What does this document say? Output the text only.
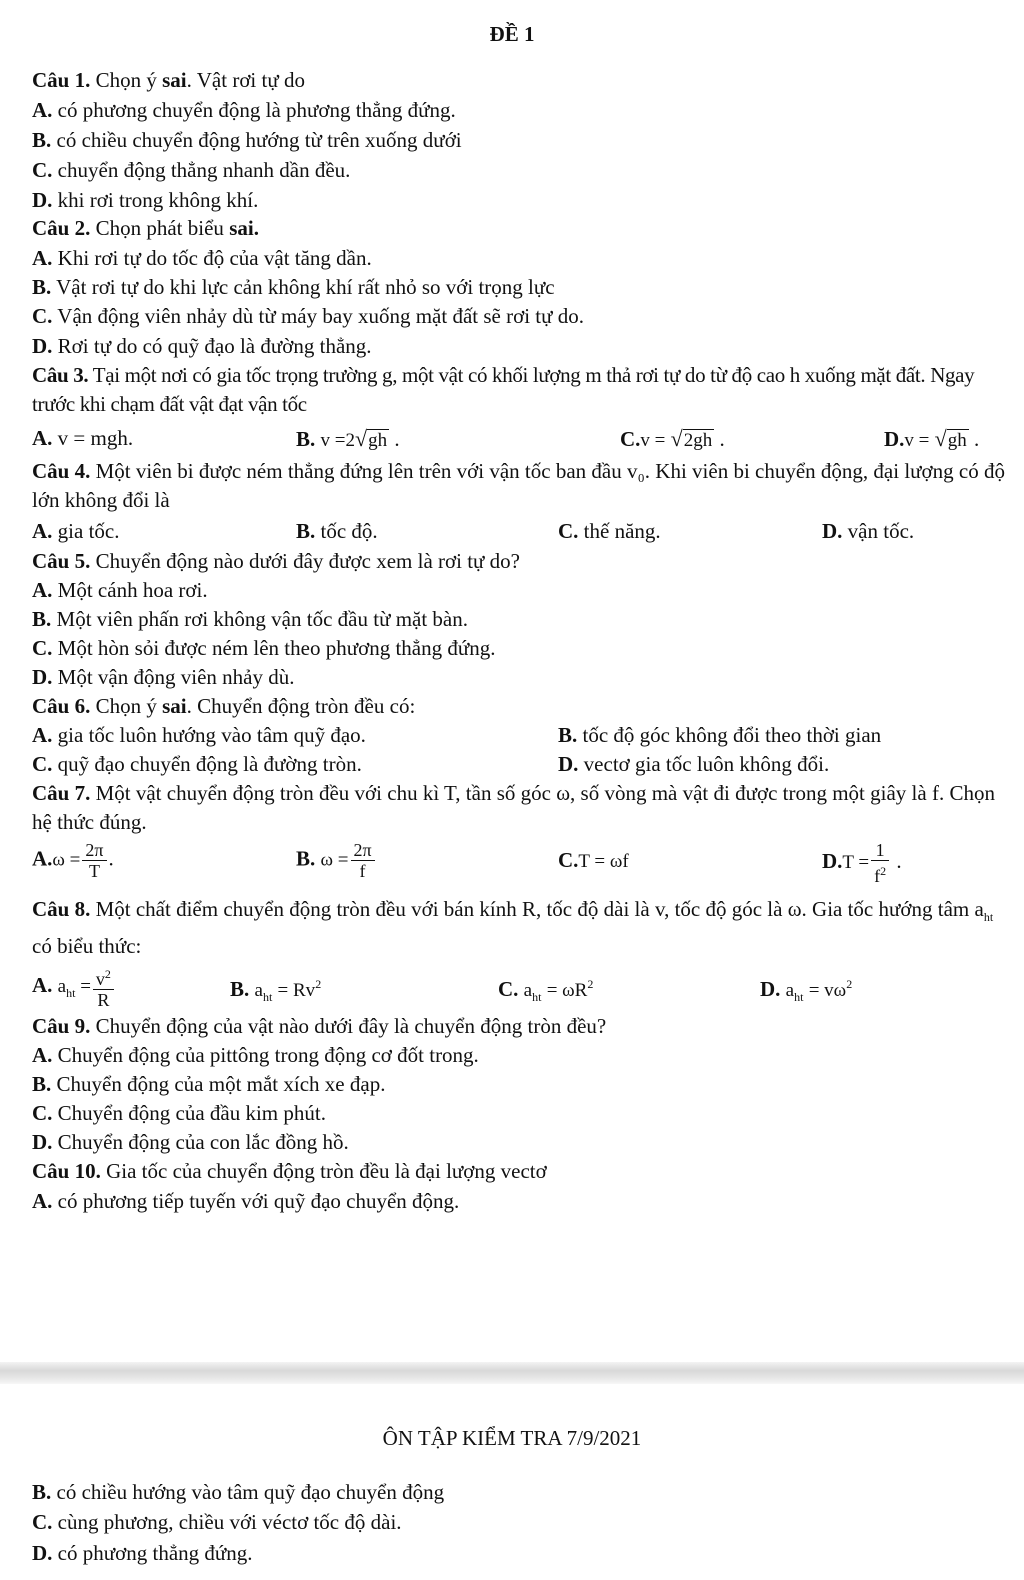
ĐỀ 1
Câu 1. Chọn ý sai. Vật rơi tự do
A. có phương chuyển động là phương thẳng đứng.
B. có chiều chuyển động hướng từ trên xuống dưới
C. chuyển động thẳng nhanh dần đều.
D. khi rơi trong không khí.
Câu 2. Chọn phát biểu sai.
A. Khi rơi tự do tốc độ của vật tăng dần.
B. Vật rơi tự do khi lực cản không khí rất nhỏ so với trọng lực
C. Vận động viên nhảy dù từ máy bay xuống mặt đất sẽ rơi tự do.
D. Rơi tự do có quỹ đạo là đường thẳng.
Câu 3. Tại một nơi có gia tốc trọng trường g, một vật có khối lượng m thả rơi tự do từ độ cao h xuống mặt đất. Ngay trước khi chạm đất vật đạt vận tốc
A. v = mgh.	B. v =2√gh .	C.v = √2gh .	D.v = √gh .
Câu 4. Một viên bi được ném thẳng đứng lên trên với vận tốc ban đầu v₀. Khi viên bi chuyển động, đại lượng có độ lớn không đổi là
A. gia tốc.	B. tốc độ.	C. thế năng.	D. vận tốc.
Câu 5. Chuyển động nào dưới đây được xem là rơi tự do?
A. Một cánh hoa rơi.
B. Một viên phấn rơi không vận tốc đầu từ mặt bàn.
C. Một hòn sỏi được ném lên theo phương thẳng đứng.
D. Một vận động viên nhảy dù.
Câu 6. Chọn ý sai. Chuyển động tròn đều có:
A. gia tốc luôn hướng vào tâm quỹ đạo.	B. tốc độ góc không đổi theo thời gian
C. quỹ đạo chuyển động là đường tròn.	D. vectơ gia tốc luôn không đổi.
Câu 7. Một vật chuyển động tròn đều với chu kì T, tần số góc ω, số vòng mà vật đi được trong một giây là f. Chọn hệ thức đúng.
$A.\omega = \frac{2\pi}{T}$ .	B. $\omega = \frac{2\pi}{f}$	C.T = ωf	$D.T = \frac{1}{f^2}$ .
Câu 8. Một chất điểm chuyển động tròn đều với bán kính R, tốc độ dài là v, tốc độ góc là ω. Gia tốc hướng tâm $a_{ht}$ có biểu thức:
A. $a_{ht} = \frac{v^2}{R}$	B. $a_{ht} = Rv^2$	C. $a_{ht} = \omega R^2$	D. $a_{ht} = v\omega^2$
Câu 9. Chuyển động của vật nào dưới đây là chuyển động tròn đều?
A. Chuyển động của pittông trong động cơ đốt trong.
B. Chuyển động của một mắt xích xe đạp.
C. Chuyển động của đầu kim phút.
D. Chuyển động của con lắc đồng hồ.
Câu 10. Gia tốc của chuyển động tròn đều là đại lượng vectơ
A. có phương tiếp tuyến với quỹ đạo chuyển động.
ÔN TẬP KIỂM TRA 7/9/2021
B. có chiều hướng vào tâm quỹ đạo chuyển động
C. cùng phương, chiều với véctơ tốc độ dài.
D. có phương thẳng đứng.
